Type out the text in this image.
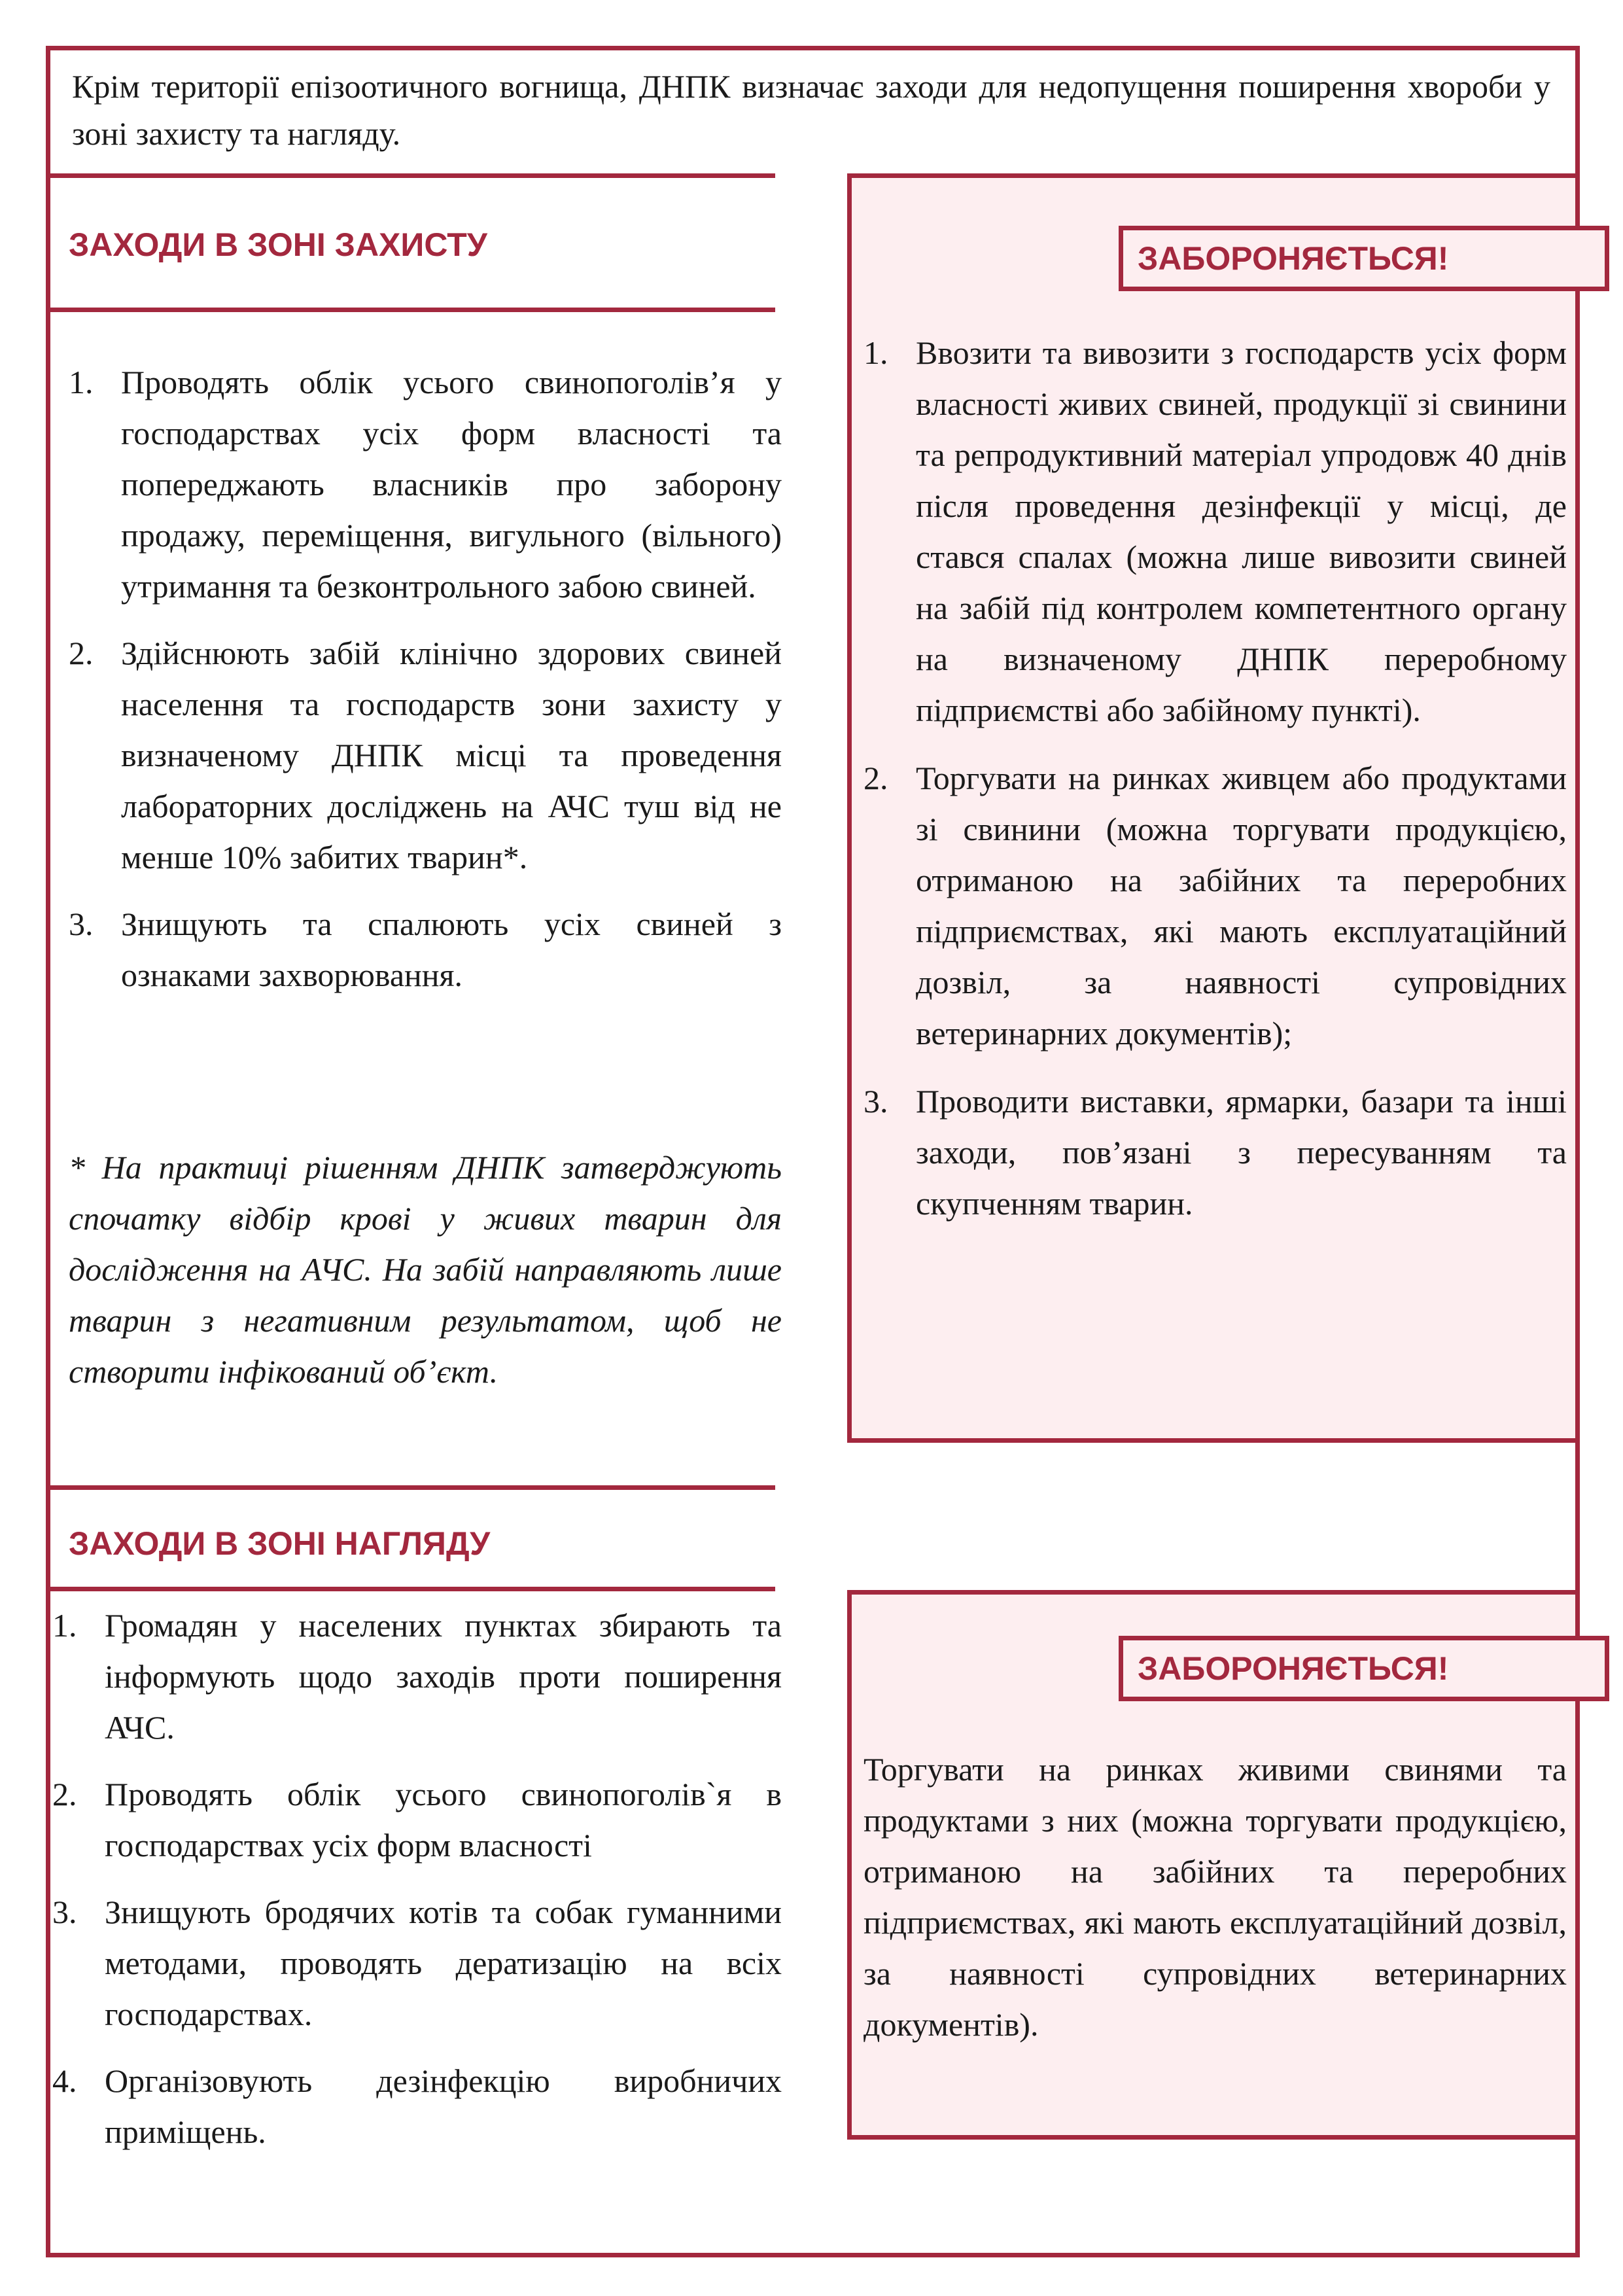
Крім території епізоотичного вогнища, ДНПК визначає заходи для недопущення поширення хвороби у зоні захисту та нагляду.
ЗАХОДИ В ЗОНІ ЗАХИСТУ
1. Проводять облік усього свинопоголів’я у господарствах усіх форм власності та попереджають власників про заборону продажу, переміщення, вигульного (вільного) утримання та безконтрольного забою свиней.
2. Здійснюють забій клінічно здорових свиней населення та господарств зони захисту у визначеному ДНПК місці та проведення лабораторних досліджень на АЧС туш від не менше 10% забитих тварин*.
3. Знищують та спалюють усіх свиней з ознаками захворювання.
* На практиці рішенням ДНПК затверджують спочатку відбір крові у живих тварин для дослідження на АЧС. На забій направляють лише тварин з негативним результатом, щоб не створити інфікований об’єкт.
ЗАХОДИ В ЗОНІ НАГЛЯДУ
1. Громадян у населених пунктах збирають та інформують щодо заходів проти поширення АЧС.
2. Проводять облік усього свинопоголів`я в господарствах усіх форм власності
3. Знищують бродячих котів та собак гуманними методами, проводять дератизацію на всіх господарствах.
4. Організовують дезінфекцію виробничих приміщень.
ЗАБОРОНЯЄТЬСЯ!
1. Ввозити та вивозити з господарств усіх форм власності живих свиней, продукції зі свинини та репродуктивний матеріал упродовж 40 днів після проведення дезінфекції у місці, де стався спалах (можна лише вивозити свиней на забій під контролем компетентного органу на визначеному ДНПК переробному підприємстві або забійному пункті).
2. Торгувати на ринках живцем або продуктами зі свинини (можна торгувати продукцією, отриманою на забійних та переробних підприємствах, які мають експлуатаційний дозвіл, за наявності супровідних ветеринарних документів);
3. Проводити виставки, ярмарки, базари та інші заходи, пов’язані з пересуванням та скупченням тварин.
ЗАБОРОНЯЄТЬСЯ!
Торгувати на ринках живими свинями та продуктами з них (можна торгувати продукцією, отриманою на забійних та переробних підприємствах, які мають експлуатаційний дозвіл, за наявності супровідних ветеринарних документів).
